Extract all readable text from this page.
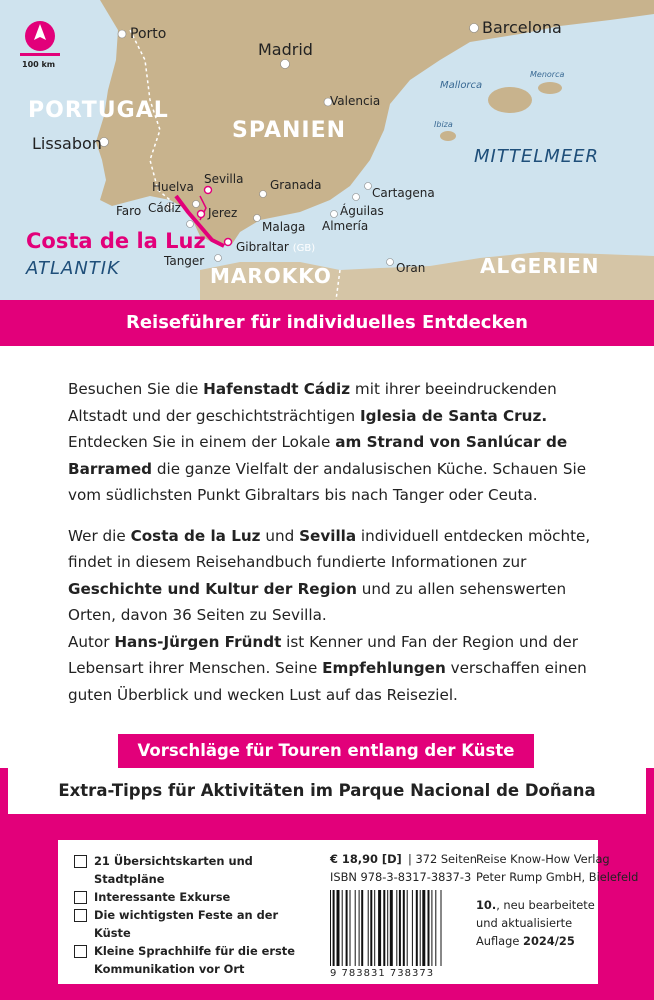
100 km
PORTUGAL
SPANIEN
MAROKKO	ALGERIEN
MITTELMEER
ATLANTIK
Costa de la Luz
Porto
Madrid
Barcelona
Valencia
Lissabon
Sevilla
Huelva	Granada
Cartagena
Faro Cádiz Jerez	Águilas
Malaga Almería
Gibraltar (GB)
Tanger	Oran
Mallorca
Menorca
Ibiza
Reiseführer für individuelles Entdecken

Besuchen Sie die Hafenstadt Cádiz mit ihrer beeindruckenden Altstadt und der geschichtsträchtigen Iglesia de Santa Cruz. Entdecken Sie in einem der Lokale am Strand von Sanlúcar de Barramed die ganze Vielfalt der andalusischen Küche. Schauen Sie vom südlichsten Punkt Gibraltars bis nach Tanger oder Ceuta.

Wer die Costa de la Luz und Sevilla individuell entdecken möchte, findet in diesem Reisehandbuch fundierte Informationen zur Geschichte und Kultur der Region und zu allen sehenswerten Orten, davon 36 Seiten zu Sevilla.

Autor Hans-Jürgen Fründt ist Kenner und Fan der Region und der Lebensart ihrer Menschen. Seine Empfehlungen verschaffen einen guten Überblick und wecken Lust auf das Reiseziel.

Vorschläge für Touren entlang der Küste
Extra-Tipps für Aktivitäten im Parque Nacional de Doñana
21 Übersichtskarten und Stadtpläne
Interessante Exkurse
Die wichtigsten Feste an der Küste
Kleine Sprachhilfe für die erste Kommunikation vor Ort
€ 18,90 [D] | 372 Seiten
ISBN 978-3-8317-3837-3
9 783831 738373
Reise Know-How Verlag
Peter Rump GmbH, Bielefeld
10., neu bearbeitete
und aktualisierte
Auflage 2024/25
